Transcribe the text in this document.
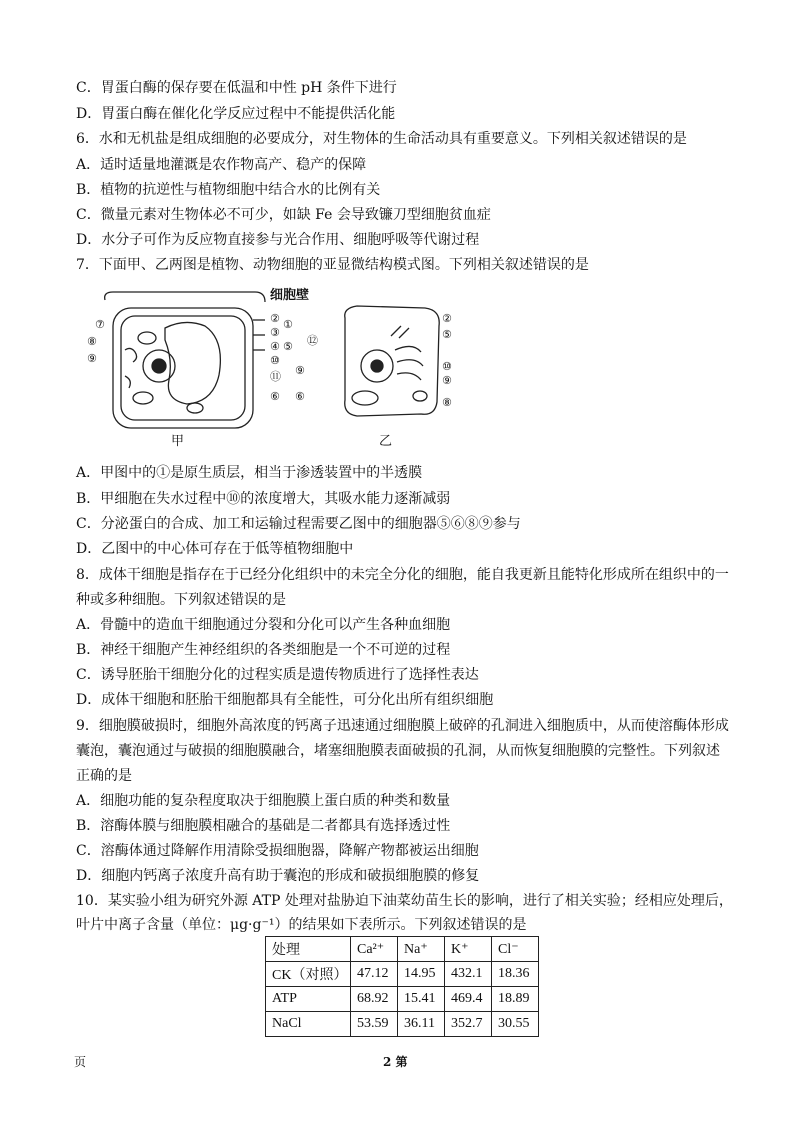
C．胃蛋白酶的保存要在低温和中性 pH 条件下进行
D．胃蛋白酶在催化化学反应过程中不能提供活化能
6．水和无机盐是组成细胞的必要成分，对生物体的生命活动具有重要意义。下列相关叙述错误的是
A．适时适量地灌溉是农作物高产、稳产的保障
B．植物的抗逆性与植物细胞中结合水的比例有关
C．微量元素对生物体必不可少，如缺 Fe 会导致镰刀型细胞贫血症
D．水分子可作为反应物直接参与光合作用、细胞呼吸等代谢过程
7．下面甲、乙两图是植物、动物细胞的亚显微结构模式图。下列相关叙述错误的是
细胞壁
⑦
⑧
⑨
②
③
④
①
⑤
⑩
⑪
⑥
甲
⑫
⑨
⑥
②
⑤
⑩
⑨
⑧
乙
A．甲图中的①是原生质层，相当于渗透装置中的半透膜
B．甲细胞在失水过程中⑩的浓度增大，其吸水能力逐渐减弱
C．分泌蛋白的合成、加工和运输过程需要乙图中的细胞器⑤⑥⑧⑨参与
D．乙图中的中心体可存在于低等植物细胞中
8．成体干细胞是指存在于已经分化组织中的未完全分化的细胞，能自我更新且能特化形成所在组织中的一
种或多种细胞。下列叙述错误的是
A．骨髓中的造血干细胞通过分裂和分化可以产生各种血细胞
B．神经干细胞产生神经组织的各类细胞是一个不可逆的过程
C．诱导胚胎干细胞分化的过程实质是遗传物质进行了选择性表达
D．成体干细胞和胚胎干细胞都具有全能性，可分化出所有组织细胞
9．细胞膜破损时，细胞外高浓度的钙离子迅速通过细胞膜上破碎的孔洞进入细胞质中，从而使溶酶体形成
囊泡，囊泡通过与破损的细胞膜融合，堵塞细胞膜表面破损的孔洞，从而恢复细胞膜的完整性。下列叙述
正确的是
A．细胞功能的复杂程度取决于细胞膜上蛋白质的种类和数量
B．溶酶体膜与细胞膜相融合的基础是二者都具有选择透过性
C．溶酶体通过降解作用清除受损细胞器，降解产物都被运出细胞
D．细胞内钙离子浓度升高有助于囊泡的形成和破损细胞膜的修复
10．某实验小组为研究外源 ATP 处理对盐胁迫下油菜幼苗生长的影响，进行了相关实验；经相应处理后，
叶片中离子含量（单位：μg·g⁻¹）的结果如下表所示。下列叙述错误的是
处理	Ca²⁺	Na⁺	K⁺	Cl⁻
CK（对照）	47.12	14.95	432.1	18.36
ATP	68.92	15.41	469.4	18.89
NaCl	53.59	36.11	352.7	30.55
页	2 第
